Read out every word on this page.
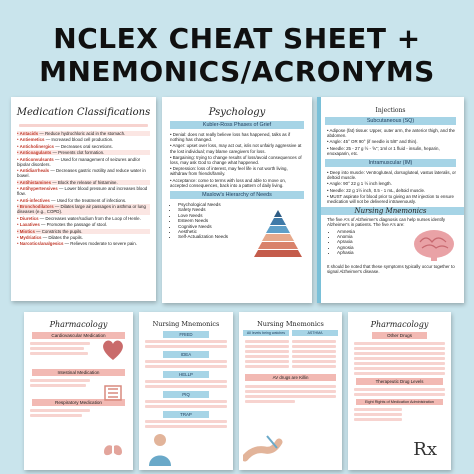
NCLEX CHEAT SHEET +
MNEMONICS/ACRONYMS
Medication Classifications
• Antacids — Reduce hydrochloric acid in the stomach.
• Antiemetics — Increased blood cell production.
• Anticholinergics — Decreases oral secretions.
• Anticoagulants — Prevents clot formation.
• Anticonvulsants — Used for management of seizures and/or bipolar disorders.
• Antidiarrheals — Decreases gastric motility and reduce water in bowel.
• Antihistamines — Block the release of histamine.
• Antihypertensives — Lower blood pressure and increases blood flow.
• Anti-infectives — Used for the treatment of infections.
• Bronchodilators — Dilates large air passages in asthma or lung diseases (e.g., COPD).
• Diuretics — Decreases water/sodium from the Loop of Henle.
• Laxatives — Promotes the passage of stool.
• Miotics — Constricts the pupils.
• Mydriatics — Dilates the pupils.
• Narcotics/analgesics — Relieves moderate to severe pain.
Psychology
Kubler-Ross Phases of Grief
• Denial: does not really believe loss has happened, talks as if nothing has changed.
• Anger: upset over loss, may act out, is/is not unfairly aggressive at the lost individual; may blame caregivers for loss.
• Bargaining: trying to change results of loss/avoid consequences of loss, may ask God to change what happened.
• Depression: loss of interest, may feel life is not worth living, withdraw from friends/family.
• Acceptance: come to terms with loss and able to move on, accepted consequences, back into a pattern of daily living.
Maslow's Hierarchy of Needs
• Psychological Needs
• Safety Needs
• Love Needs
• Esteem Needs
• Cognitive Needs
• Aesthetic
• Self-Actualization Needs
Injections
Subcutaneous (SQ)
• Adipose (fat) tissue: Upper, outer arm, the anterior thigh, and the abdomen.
• Angle: 45° OR 90° (if needle is 5/8" and thin).
• Needle: 25 - 27 g ½ - ⅝"; 1ml or 1 fluid - insulin, heparin, enoxaparin, etc.
Intramuscular (IM)
• Deep into muscle: Ventrogluteal, dorsogluteal, vastus lateralis, or deltoid muscle.
• Angle: 90° 22 g 1 ½ inch length.
• Needle: 22 g 1½ inch, 0.5 - 1 mL, deltoid muscle.
• MUST aspirate for blood prior to giving an IM injection to ensure medication will not be delivered intravenously.
Nursing Mnemonics
The five A's of Alzheimer's diagnosis can help nurses identify Alzheimer's in patients. The five A's are:
• Amnesia
• Anomia
• Apraxia
• Agnosia
• Aphasia
It should be noted that these symptoms typically occur together to signal Alzheimer's disease.
Pharmacology
Cardiovascular Medication
Intestinal Medication
Respiratory Medication
Nursing Mnemonics
FRIED
IDEA
HELLP
PIQ
TRAP
Nursing Mnemonics
All levels being watches	ASTHMA
AV drugs are Killin
Pharmacology
Other Drugs
Therapeutic Drug Levels
Eight Rights of Medication Administration
Rx
